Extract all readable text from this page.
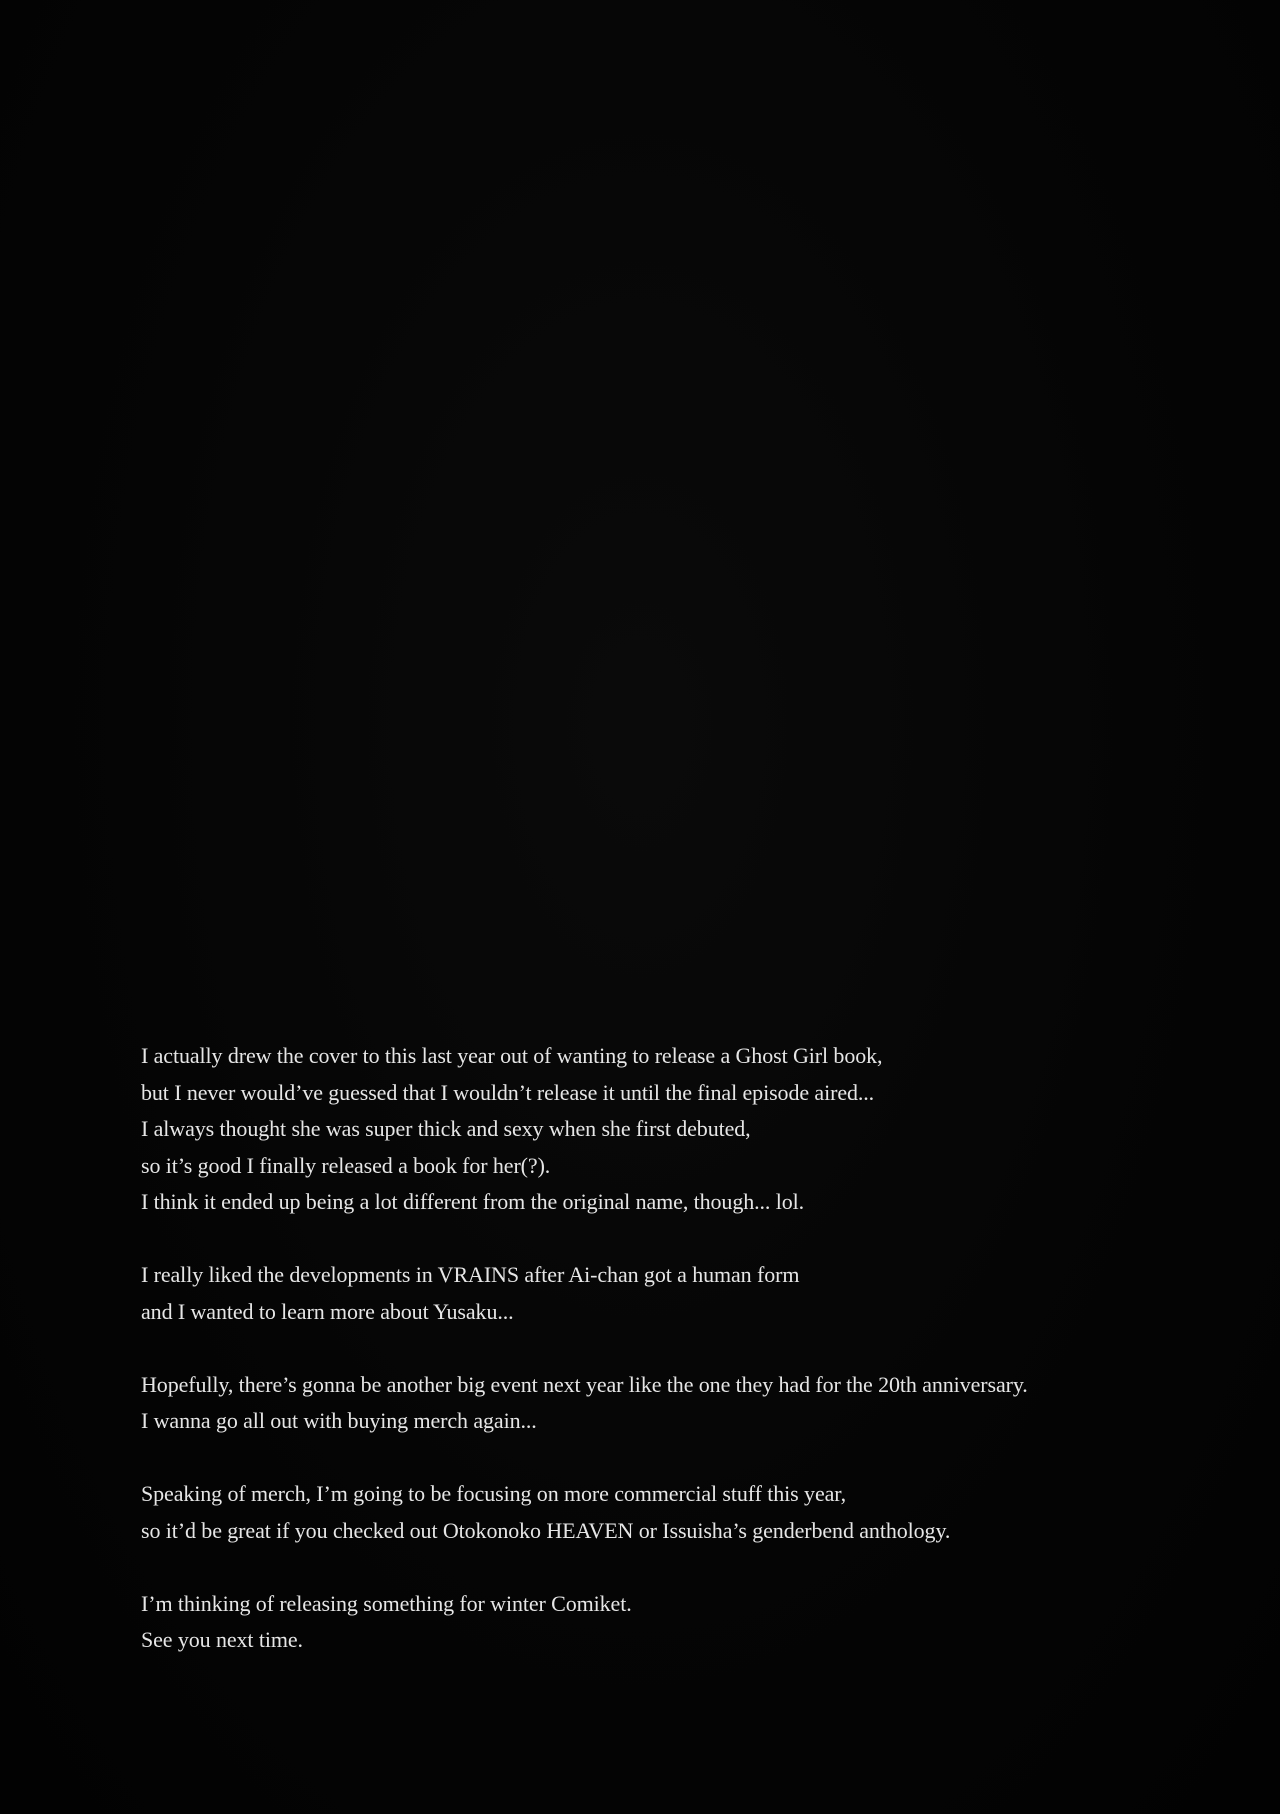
I actually drew the cover to this last year out of wanting to release a Ghost Girl book,
but I never would’ve guessed that I wouldn’t release it until the final episode aired...
I always thought she was super thick and sexy when she first debuted,
so it’s good I finally released a book for her(?).
I think it ended up being a lot different from the original name, though... lol.

I really liked the developments in VRAINS after Ai-chan got a human form
and I wanted to learn more about Yusaku...

Hopefully, there’s gonna be another big event next year like the one they had for the 20th anniversary.
I wanna go all out with buying merch again...

Speaking of merch, I’m going to be focusing on more commercial stuff this year,
so it’d be great if you checked out Otokonoko HEAVEN or Issuisha’s genderbend anthology.

I’m thinking of releasing something for winter Comiket.
See you next time.
